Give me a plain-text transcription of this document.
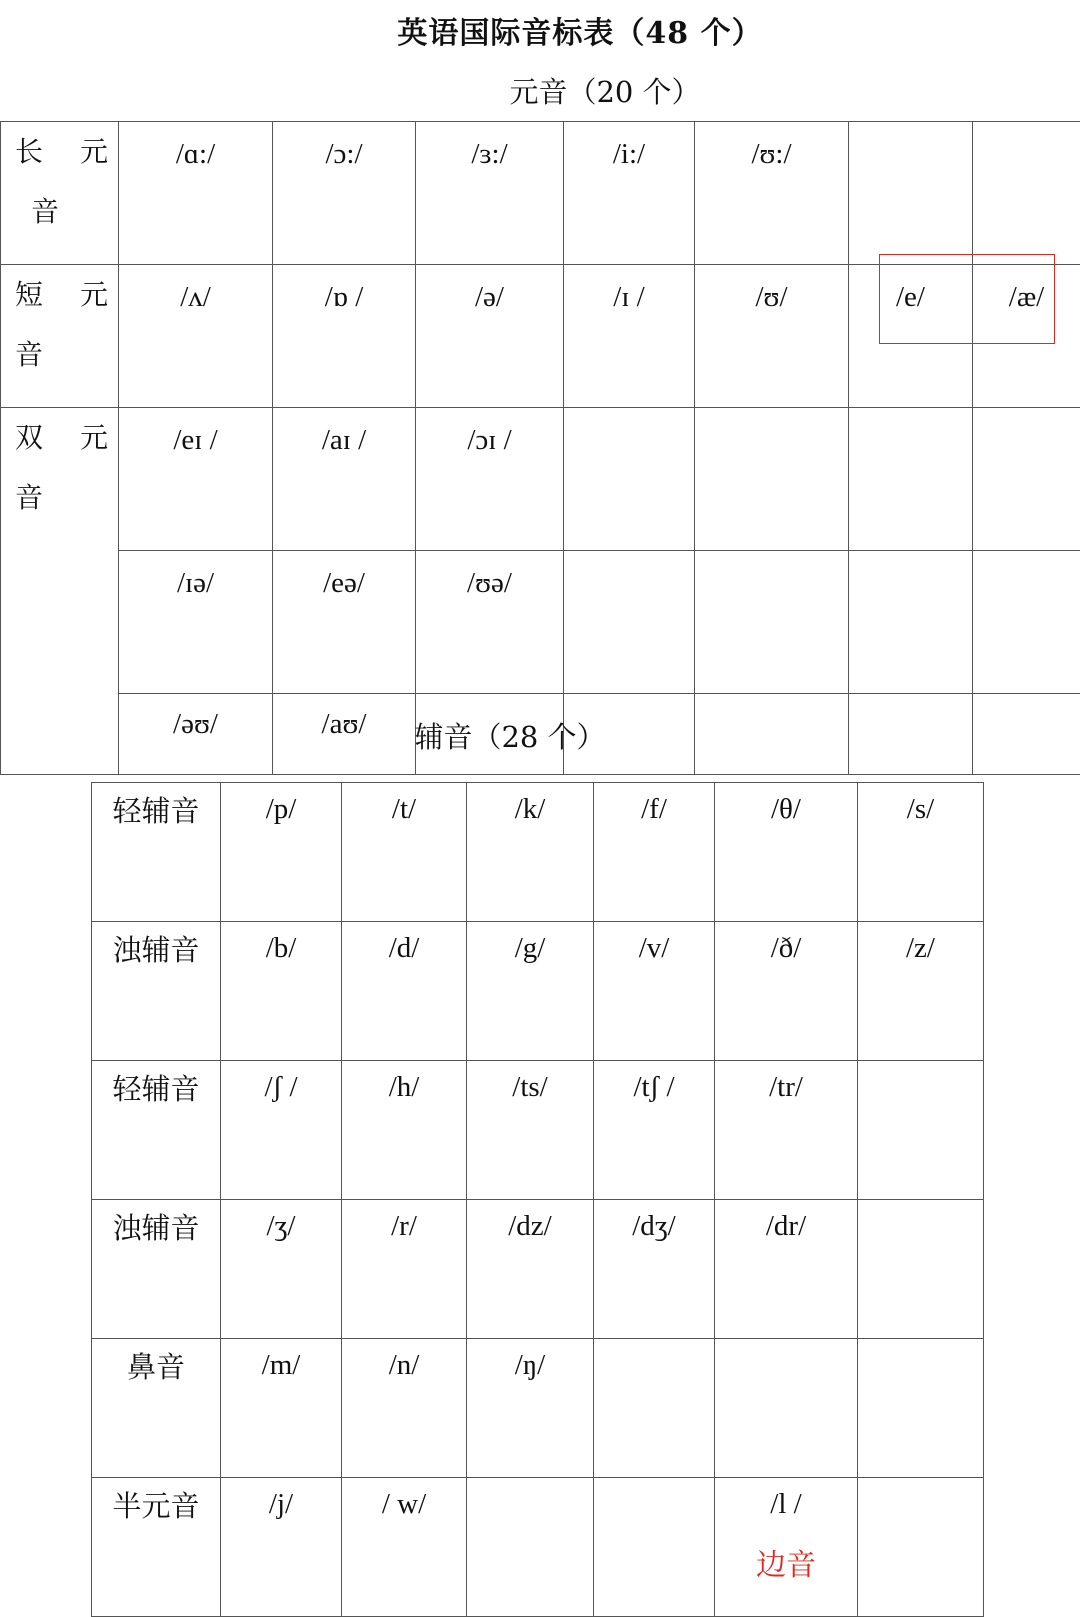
英语国际音标表（48 个）
元音（20 个）
长 元
音	/ɑ:/	/ɔ:/	/ɜ:/	/i:/	/ʊ:/		

短 元
音	/ʌ/	/ɒ /	/ə/	/ɪ /	/ʊ/	/e/	/æ/

双 元
音	/eɪ /	/aɪ /	/ɔɪ /				
	/ɪə/	/eə/	/ʊə/				
	/əʊ/	/aʊ/						辅音（28 个）
轻辅音	/p/	/t/	/k/	/f/	/θ/	/s/
浊辅音	/b/	/d/	/g/	/v/	/ð/	/z/
轻辅音	/ʃ /	/h/	/ts/	/tʃ /	/tr/	
浊辅音	/ʒ/	/r/	/dz/	/dʒ/	/dr/	
鼻音	/m/	/n/	/ŋ/			
半元音	/j/	/ w/			/l /
边音	
